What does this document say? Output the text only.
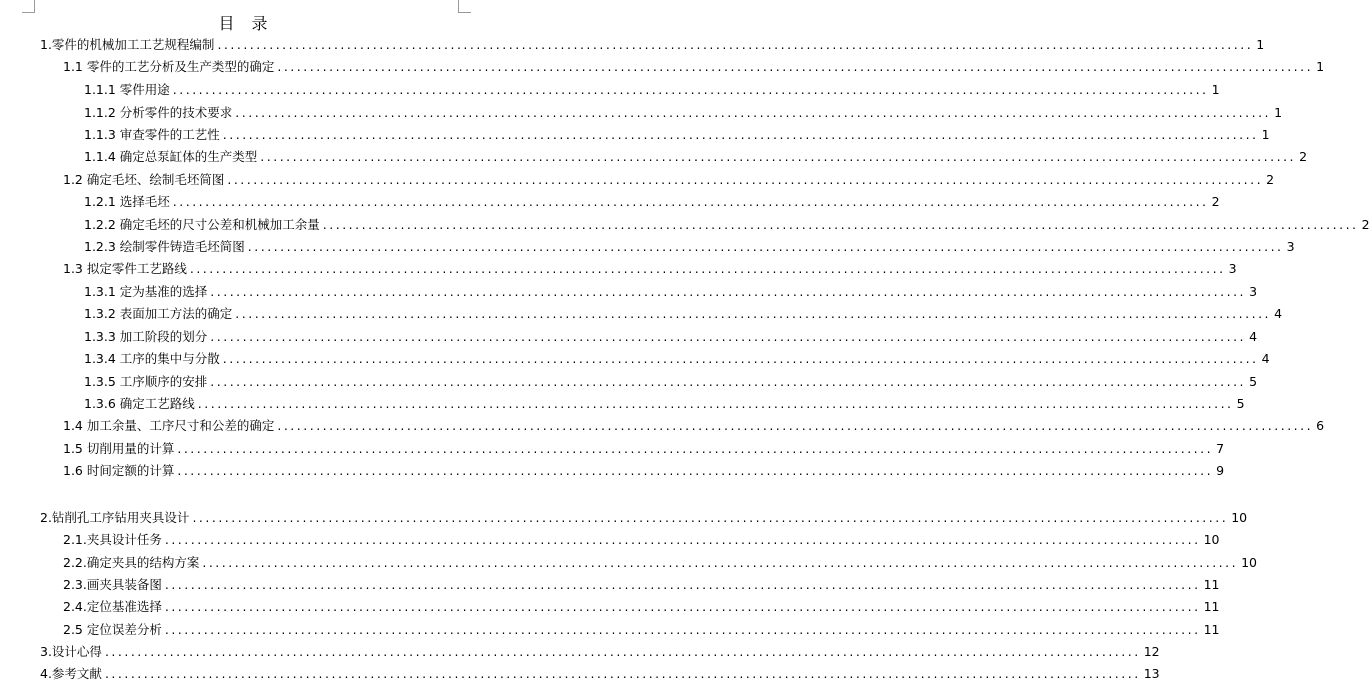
目 录
1.零件的机械加工工艺规程编制 ................................................................................................................................................................ 1
1.1 零件的工艺分析及生产类型的确定 ................................................................................................................................................................ 1
1.1.1 零件用途 ................................................................................................................................................................ 1
1.1.2 分析零件的技术要求 ................................................................................................................................................................ 1
1.1.3 审查零件的工艺性 ................................................................................................................................................................ 1
1.1.4 确定总泵缸体的生产类型 ................................................................................................................................................................ 2
1.2 确定毛坯、绘制毛坯简图 ................................................................................................................................................................ 2
1.2.1 选择毛坯 ................................................................................................................................................................ 2
1.2.2 确定毛坯的尺寸公差和机械加工余量 ................................................................................................................................................................ 2
1.2.3 绘制零件铸造毛坯简图 ................................................................................................................................................................ 3
1.3 拟定零件工艺路线 ................................................................................................................................................................ 3
1.3.1 定为基准的选择 ................................................................................................................................................................ 3
1.3.2 表面加工方法的确定 ................................................................................................................................................................ 4
1.3.3 加工阶段的划分 ................................................................................................................................................................ 4
1.3.4 工序的集中与分散 ................................................................................................................................................................ 4
1.3.5 工序顺序的安排 ................................................................................................................................................................ 5
1.3.6 确定工艺路线 ................................................................................................................................................................ 5
1.4 加工余量、工序尺寸和公差的确定 ................................................................................................................................................................ 6
1.5 切削用量的计算 ................................................................................................................................................................ 7
1.6 时间定额的计算 ................................................................................................................................................................ 9
2.钻削孔工序钻用夹具设计 ................................................................................................................................................................ 10
2.1.夹具设计任务 ................................................................................................................................................................ 10
2.2.确定夹具的结构方案 ................................................................................................................................................................ 10
2.3.画夹具装备图 ................................................................................................................................................................ 11
2.4.定位基准选择 ................................................................................................................................................................ 11
2.5 定位误差分析 ................................................................................................................................................................ 11
3.设计心得 ................................................................................................................................................................ 12
4.参考文献 ................................................................................................................................................................ 13
